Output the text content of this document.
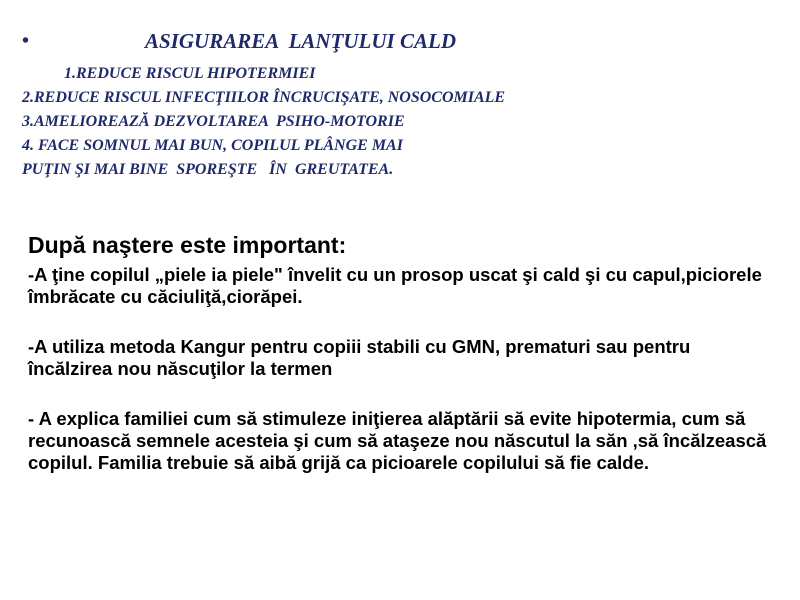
•	ASIGURAREA  LANŢULUI CALD
1.REDUCE RISCUL HIPOTERMIEI
2.REDUCE RISCUL INFECŢIILOR ÎNCRUCIŞATE, NOSOCOMIALE
3.AMELIOREAZĂ DEZVOLTAREA  PSIHO-MOTORIE
4. FACE SOMNUL MAI BUN, COPILUL PLÂNGE MAI
PUŢIN ŞI MAI BINE  SPOREŞTE   ÎN  GREUTATEA.

După naştere este important:

-A ţine copilul „piele ia piele" învelit cu un prosop uscat şi cald şi cu capul,piciorele îmbrăcate cu căciuliţă,ciorăpei.

-A utiliza metoda Kangur pentru copiii stabili cu GMN, prematuri sau pentru încălzirea nou născuţilor la termen

- A explica familiei cum să stimuleze iniţierea alăptării să evite hipotermia, cum să recunoască semnele acesteia şi cum să ataşeze nou născutul la săn ,să încălzească copilul. Familia trebuie să aibă grijă ca picioarele copilului să fie calde.
